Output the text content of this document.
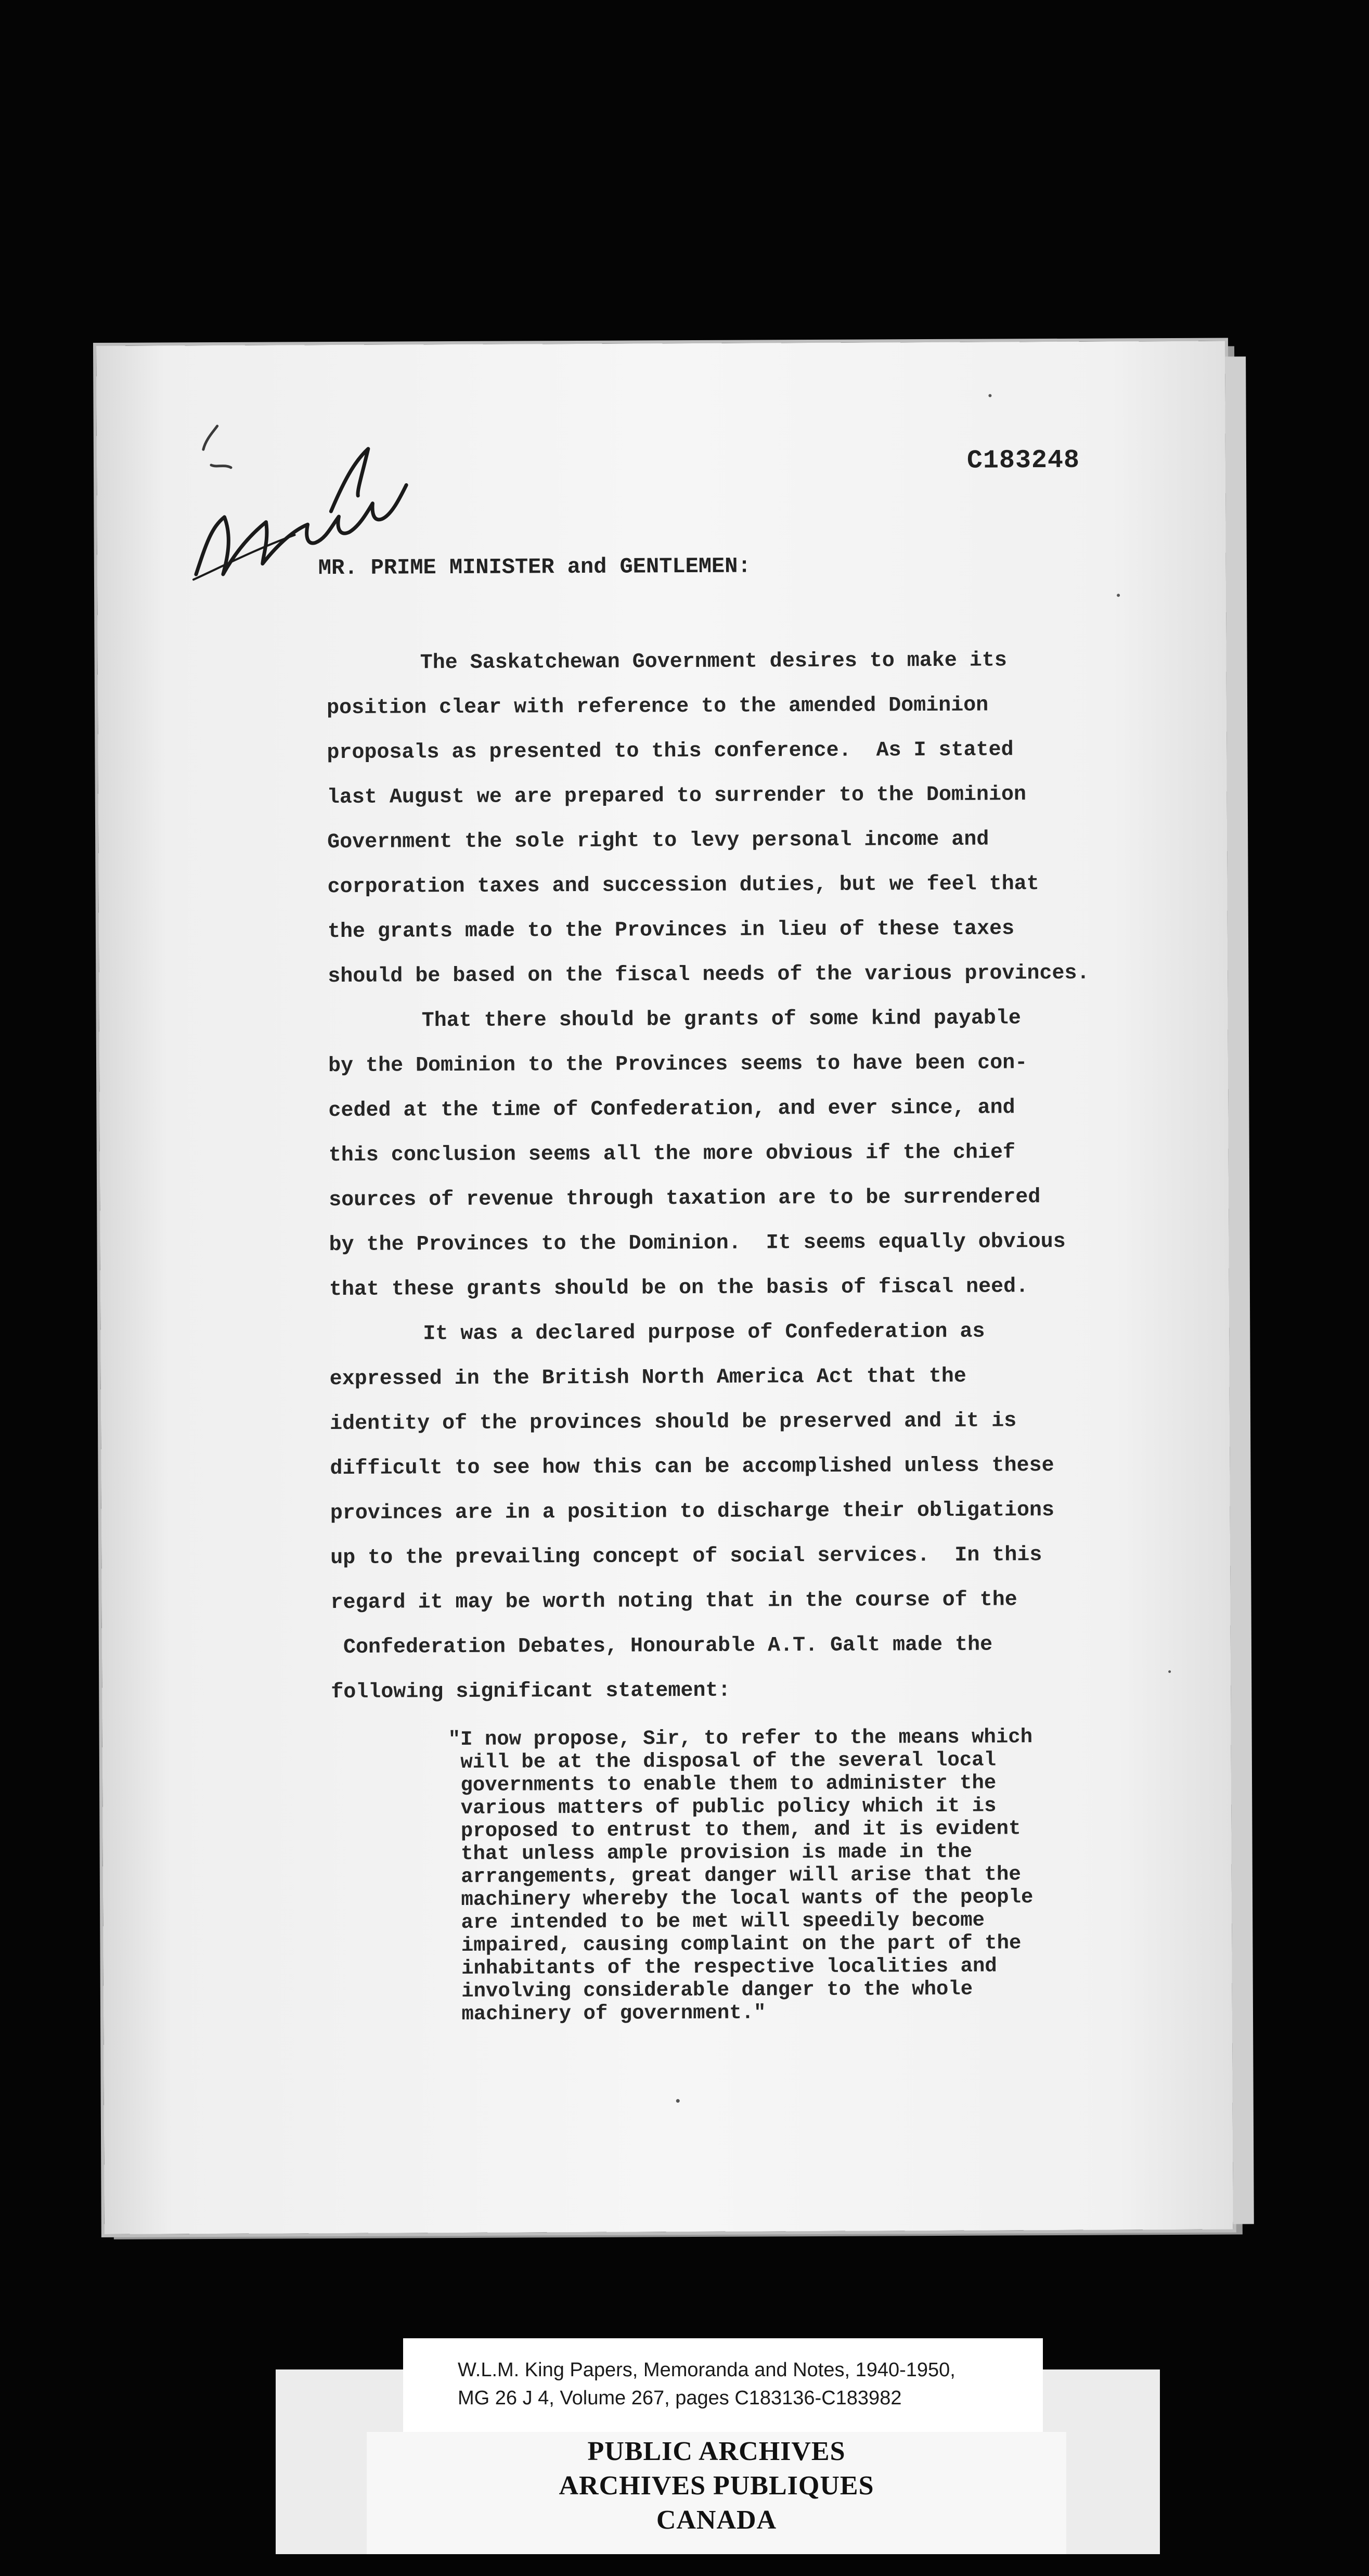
C183248
MR. PRIME MINISTER and GENTLEMEN:
The Saskatchewan Government desires to make its
position clear with reference to the amended Dominion
proposals as presented to this conference.  As I stated
last August we are prepared to surrender to the Dominion
Government the sole right to levy personal income and
corporation taxes and succession duties, but we feel that
the grants made to the Provinces in lieu of these taxes
should be based on the fiscal needs of the various provinces.
That there should be grants of some kind payable
by the Dominion to the Provinces seems to have been con-
ceded at the time of Confederation, and ever since, and
this conclusion seems all the more obvious if the chief
sources of revenue through taxation are to be surrendered
by the Provinces to the Dominion.  It seems equally obvious
that these grants should be on the basis of fiscal need.
It was a declared purpose of Confederation as
expressed in the British North America Act that the
identity of the provinces should be preserved and it is
difficult to see how this can be accomplished unless these
provinces are in a position to discharge their obligations
up to the prevailing concept of social services.  In this
regard it may be worth noting that in the course of the
Confederation Debates, Honourable A.T. Galt made the
following significant statement:
"I now propose, Sir, to refer to the means which
will be at the disposal of the several local
governments to enable them to administer the
various matters of public policy which it is
proposed to entrust to them, and it is evident
that unless ample provision is made in the
arrangements, great danger will arise that the
machinery whereby the local wants of the people
are intended to be met will speedily become
impaired, causing complaint on the part of the
inhabitants of the respective localities and
involving considerable danger to the whole
machinery of government."
PUBLIC ARCHIVES
ARCHIVES PUBLIQUES
CANADA
W.L.M. King Papers, Memoranda and Notes, 1940-1950,
MG 26 J 4, Volume 267, pages C183136-C183982
